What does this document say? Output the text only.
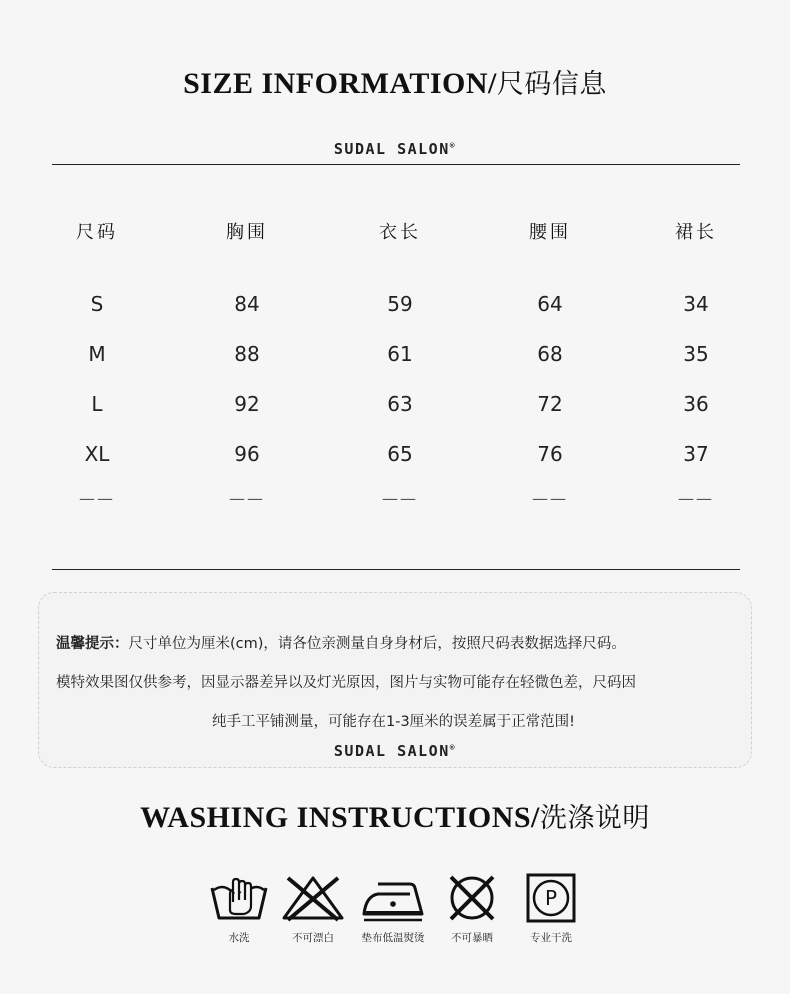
SIZE INFORMATION/尺码信息
SUDAL SALON®
尺码	胸围	衣长	腰围	裙长
S	84	59	64	34
M	88	61	68	35
L	92	63	72	36
XL	96	65	76	37
——	——	——	——	——
温馨提示：尺寸单位为厘米(cm)，请各位亲测量自身身材后，按照尺码表数据选择尺码。
模特效果图仅供参考，因显示器差异以及灯光原因，图片与实物可能存在轻微色差，尺码因
纯手工平铺测量，可能存在1-3厘米的误差属于正常范围!
SUDAL SALON®
WASHING INSTRUCTIONS/洗涤说明
水洗	不可漂白	垫布低温熨烫	不可暴晒
P
专业干洗
